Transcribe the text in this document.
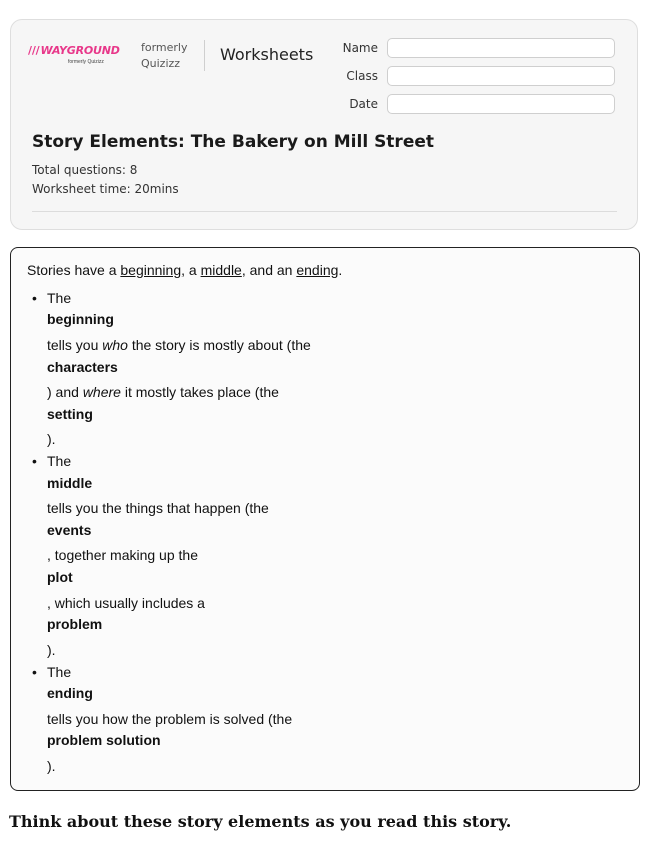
///WAYGROUND
formerly Quizizz
formerly
Quizizz	Worksheets Name
Class
Date
Story Elements: The Bakery on Mill Street
Total questions: 8
Worksheet time: 20mins
Stories have a beginning, a middle, and an ending.
• The
beginning
tells you who the story is mostly about (the
characters
) and where it mostly takes place (the
setting
).
• The
middle
tells you the things that happen (the
events
, together making up the
plot
, which usually includes a
problem
).
• The
ending
tells you how the problem is solved (the
problem solution
).
Think about these story elements as you read this story.
